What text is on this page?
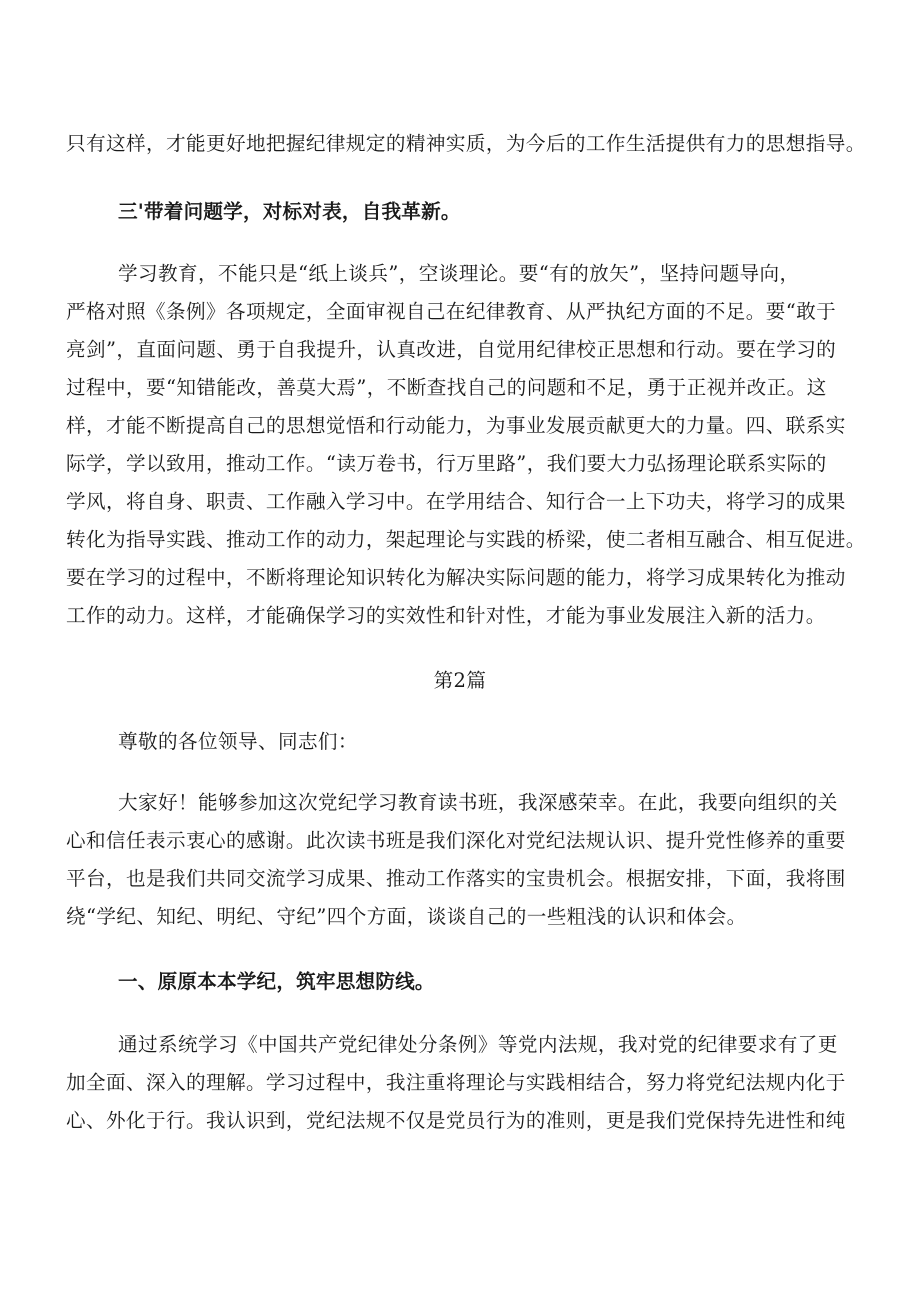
只有这样，才能更好地把握纪律规定的精神实质，为今后的工作生活提供有力的思想指导。
三'带着问题学，对标对表，自我革新。
学习教育，不能只是“纸上谈兵”，空谈理论。要“有的放矢”，坚持问题导向，
严格对照《条例》各项规定，全面审视自己在纪律教育、从严执纪方面的不足。要“敢于
亮剑”，直面问题、勇于自我提升，认真改进，自觉用纪律校正思想和行动。要在学习的
过程中，要“知错能改，善莫大焉”，不断查找自己的问题和不足，勇于正视并改正。这
样，才能不断提高自己的思想觉悟和行动能力，为事业发展贡献更大的力量。四、联系实
际学，学以致用，推动工作。“读万卷书，行万里路”，我们要大力弘扬理论联系实际的
学风，将自身、职责、工作融入学习中。在学用结合、知行合一上下功夫，将学习的成果
转化为指导实践、推动工作的动力，架起理论与实践的桥梁，使二者相互融合、相互促进。
要在学习的过程中，不断将理论知识转化为解决实际问题的能力，将学习成果转化为推动
工作的动力。这样，才能确保学习的实效性和针对性，才能为事业发展注入新的活力。
第2篇
尊敬的各位领导、同志们：
大家好！能够参加这次党纪学习教育读书班，我深感荣幸。在此，我要向组织的关
心和信任表示衷心的感谢。此次读书班是我们深化对党纪法规认识、提升党性修养的重要
平台，也是我们共同交流学习成果、推动工作落实的宝贵机会。根据安排，下面，我将围
绕“学纪、知纪、明纪、守纪”四个方面，谈谈自己的一些粗浅的认识和体会。
一、原原本本学纪，筑牢思想防线。
通过系统学习《中国共产党纪律处分条例》等党内法规，我对党的纪律要求有了更
加全面、深入的理解。学习过程中，我注重将理论与实践相结合，努力将党纪法规内化于
心、外化于行。我认识到，党纪法规不仅是党员行为的准则，更是我们党保持先进性和纯
